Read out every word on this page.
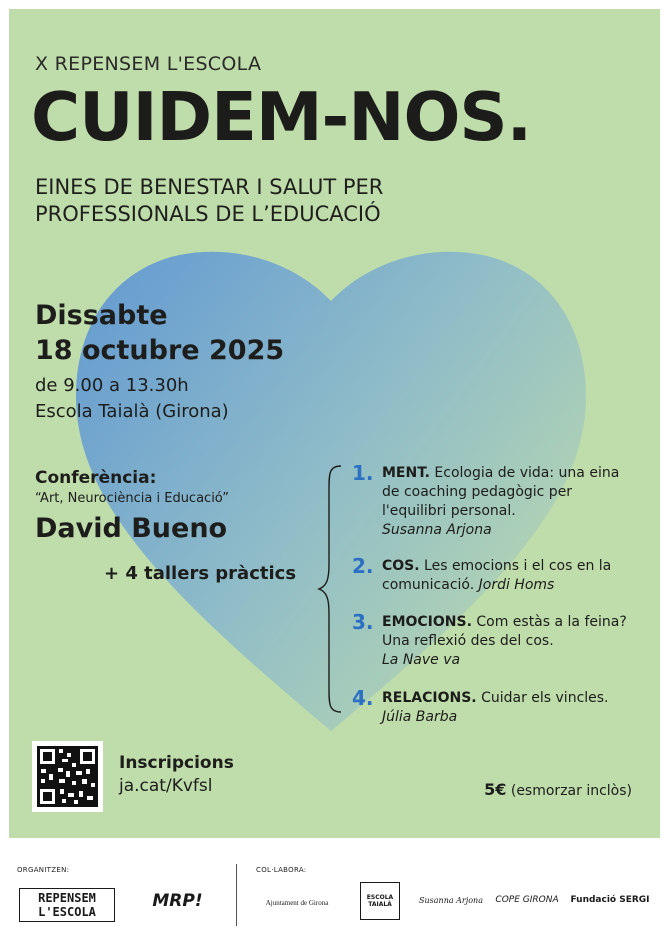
X REPENSEM L'ESCOLA
CUIDEM-NOS.
EINES DE BENESTAR I SALUT PER PROFESSIONALS DE L’EDUCACIÓ
Dissabte
18 octubre 2025
de 9.00 a 13.30h
Escola Taialà (Girona)
Conferència:
“Art, Neurociència i Educació”
David Bueno
+ 4 tallers pràctics
1. MENT. Ecologia de vida: una eina de coaching pedagògic per l'equilibri personal.
Susanna Arjona
2. COS. Les emocions i el cos en la comunicació. Jordi Homs
3. EMOCIONS. Com estàs a la feina? Una reflexió des del cos.
La Nave va
4. RELACIONS. Cuidar els vincles.
Júlia Barba
Inscripcions
ja.cat/Kvfsl	5€ (esmorzar inclòs)
ORGANITZEN:	COL·LABORA:
REPENSEM L'ESCOLA
MRP!	Ajuntament de Girona
ESCOLA TAIALÀ	Susanna Arjona COPE GIRONA Fundació SERGI
